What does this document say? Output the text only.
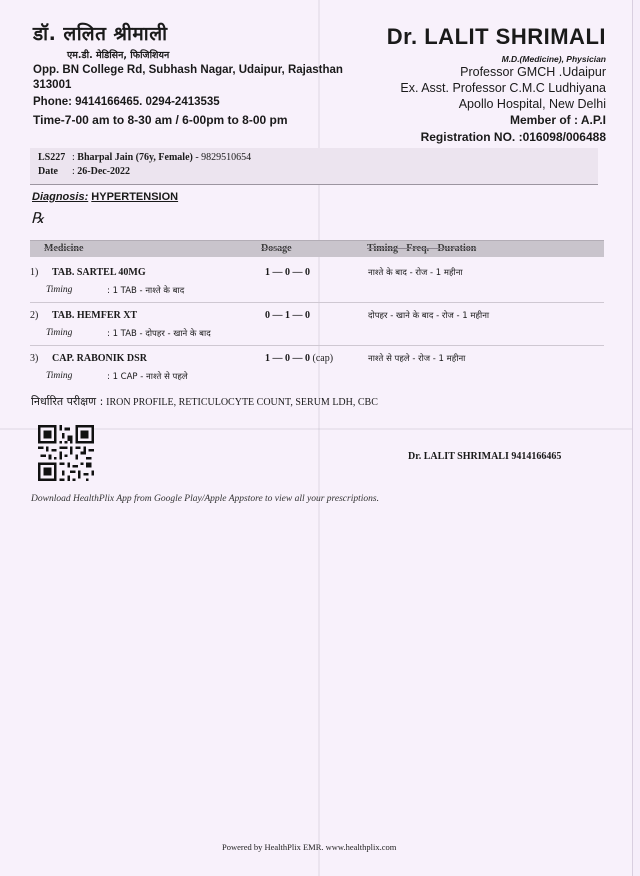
डॉ. ललित श्रीमाली
एम.डी. मेडिसिन, फिजिशियन
Opp. BN College Rd, Subhash Nagar, Udaipur, Rajasthan 313001
Phone: 9414166465. 0294-2413535
Time-7-00 am to 8-30 am / 6-00pm to 8-00 pm
Dr. LALIT SHRIMALI
M.D.(Medicine), Physician
Professor GMCH .Udaipur
Ex. Asst. Professor C.M.C Ludhiyana
Apollo Hospital, New Delhi
Member of : A.P.I
Registration NO. :016098/006488
LS227 : Bharpal Jain (76y, Female) - 9829510654
Date : 26-Dec-2022
Diagnosis: HYPERTENSION
℞
Medicine	Dosage	Timing - Freq. - Duration
1) TAB. SARTEL 40MG	1 — 0 — 0	नाश्ते के बाद - रोज - 1 महीना
Timing	: 1 TAB - नाश्ते के बाद
2) TAB. HEMFER XT	0 — 1 — 0	दोपहर - खाने के बाद - रोज - 1 महीना
Timing	: 1 TAB - दोपहर - खाने के बाद
3) CAP. RABONIK DSR	1 — 0 — 0 (cap)	नाश्ते से पहले - रोज - 1 महीना
Timing	: 1 CAP - नाश्ते से पहले
निर्धारित परीक्षण : IRON PROFILE, RETICULOCYTE COUNT, SERUM LDH, CBC
Dr. LALIT SHRIMALI 9414166465
Download HealthPlix App from Google Play/Apple Appstore to view all your prescriptions.
Powered by HealthPlix EMR. www.healthplix.com
